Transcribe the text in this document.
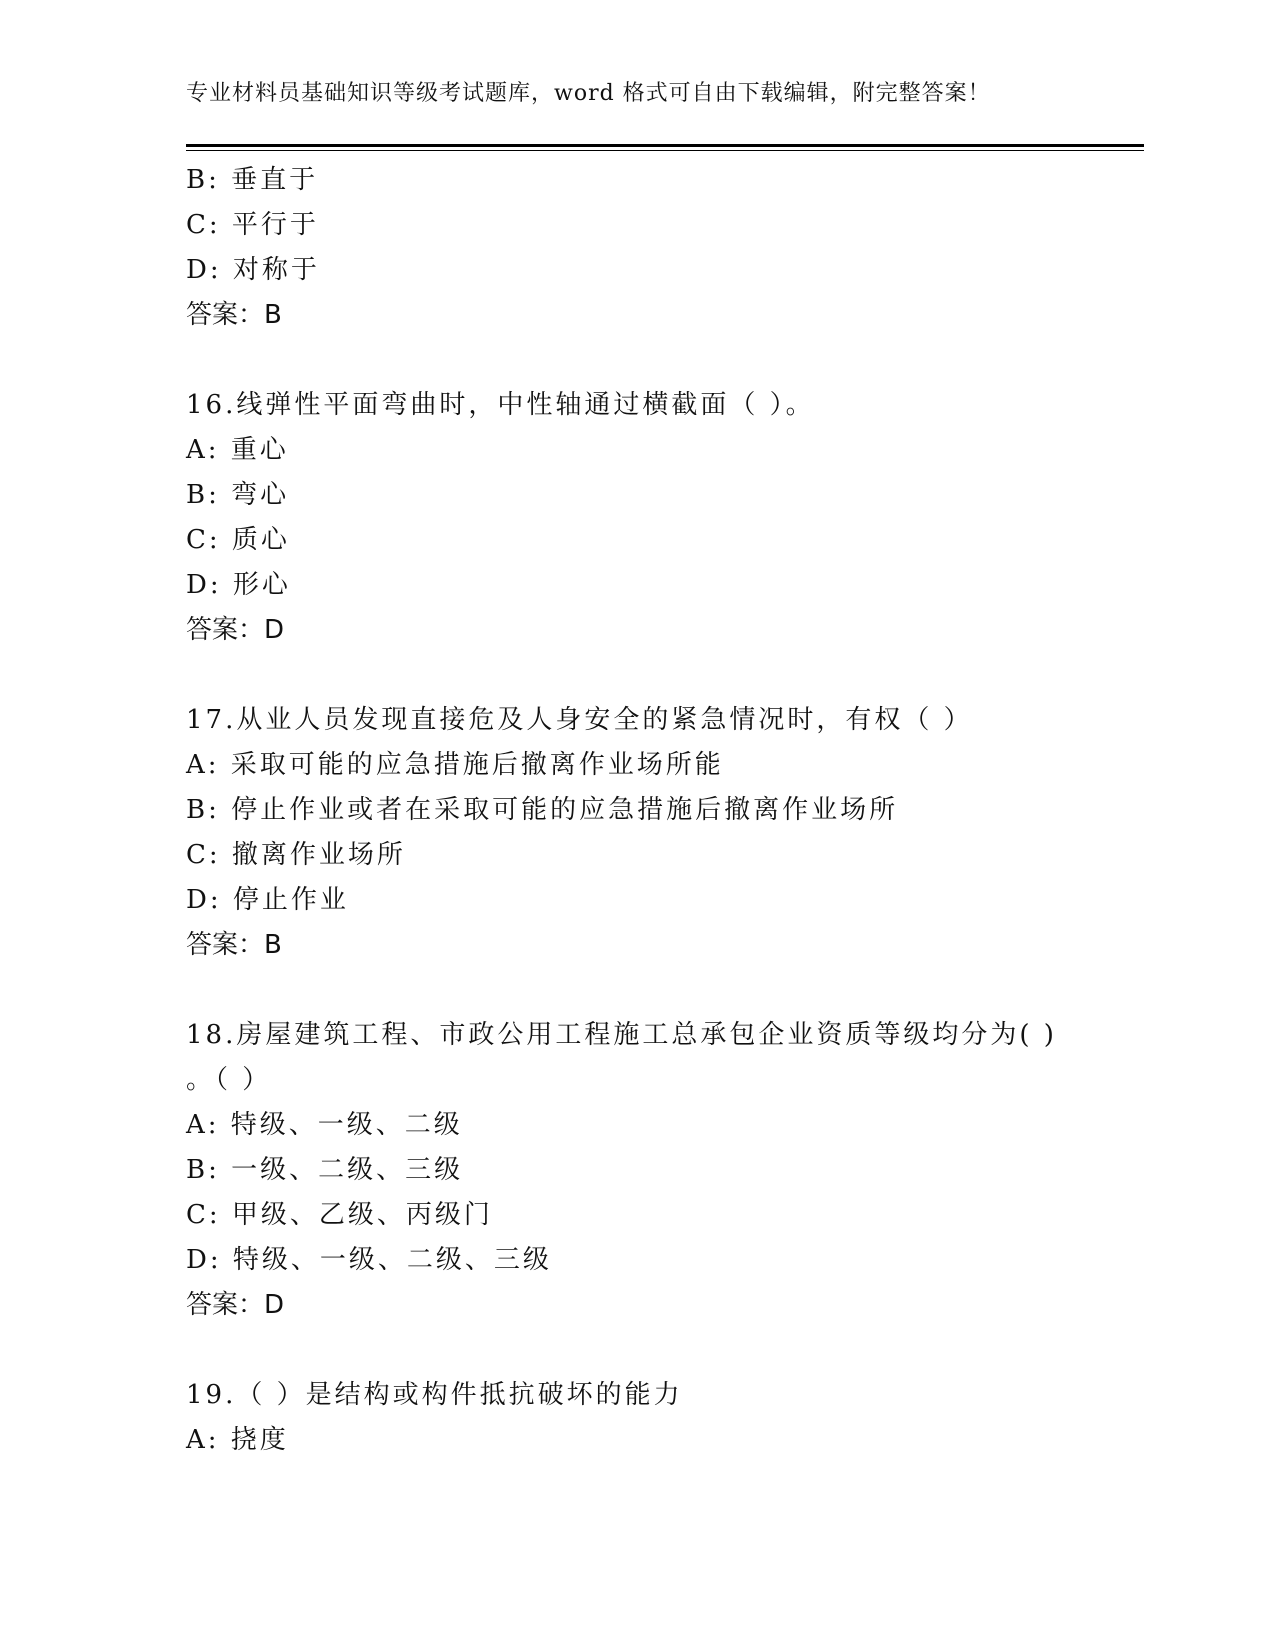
专业材料员基础知识等级考试题库，word 格式可自由下载编辑，附完整答案！
B: 垂直于
C: 平行于
D: 对称于
答案：B
16.线弹性平面弯曲时，中性轴通过横截面（ ）。
A: 重心
B: 弯心
C: 质心
D: 形心
答案：D
17.从业人员发现直接危及人身安全的紧急情况时，有权（ ）
A: 采取可能的应急措施后撤离作业场所能
B: 停止作业或者在采取可能的应急措施后撤离作业场所
C: 撤离作业场所
D: 停止作业
答案：B
18.房屋建筑工程、市政公用工程施工总承包企业资质等级均分为( )
。（ ）
A: 特级、一级、二级
B: 一级、二级、三级
C: 甲级、乙级、丙级门
D: 特级、一级、二级、三级
答案：D
19.（ ）是结构或构件抵抗破坏的能力
A: 挠度
